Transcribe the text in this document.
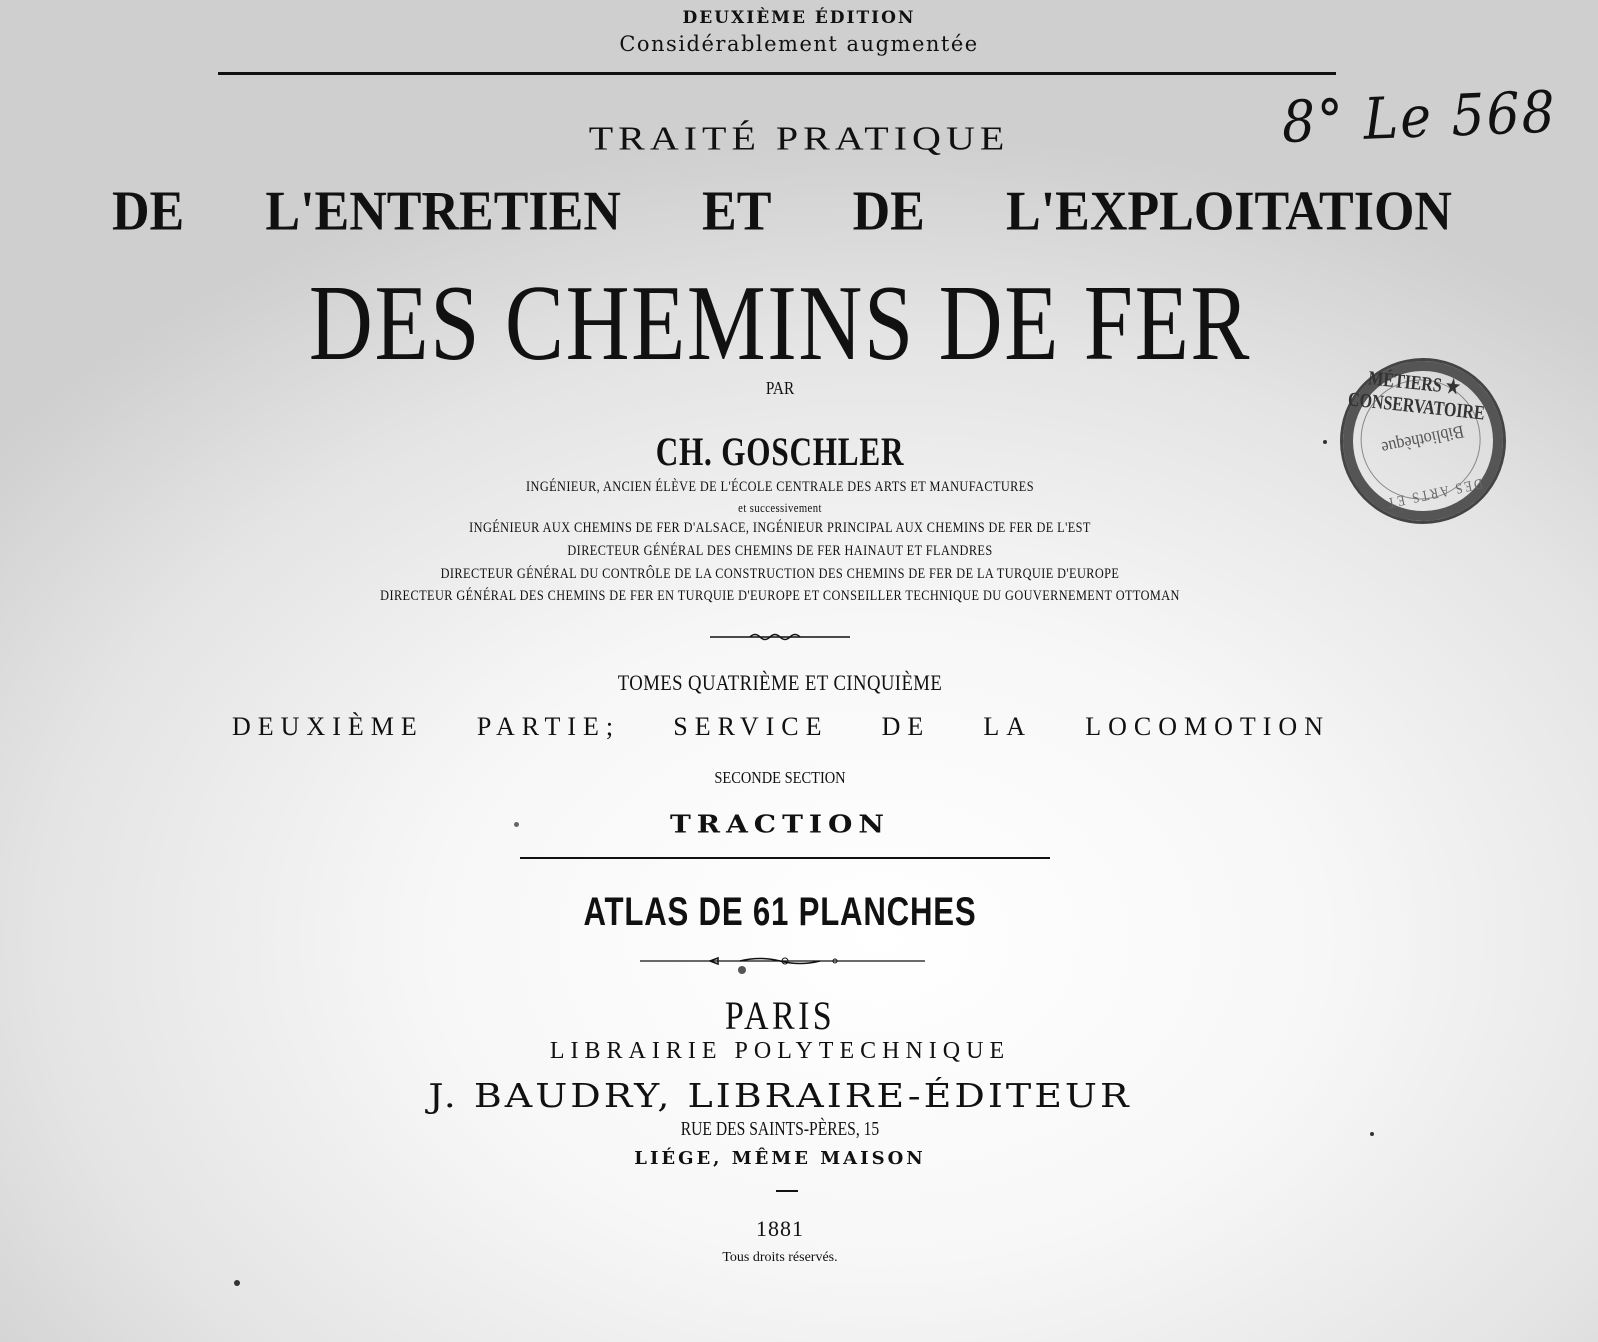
DEUXIÈME ÉDITION
Considérablement augmentée
8° Le 568
TRAITÉ PRATIQUE
DE L'ENTRETIEN ET DE L'EXPLOITATION
DES CHEMINS DE FER
MÉTIERS ★ CONSERVATOIRE
Bibliothèque
DES ARTS ET
PAR
CH. GOSCHLER
INGÉNIEUR, ANCIEN ÉLÈVE DE L'ÉCOLE CENTRALE DES ARTS ET MANUFACTURES
et successivement
INGÉNIEUR AUX CHEMINS DE FER D'ALSACE, INGÉNIEUR PRINCIPAL AUX CHEMINS DE FER DE L'EST
DIRECTEUR GÉNÉRAL DES CHEMINS DE FER HAINAUT ET FLANDRES
DIRECTEUR GÉNÉRAL DU CONTRÔLE DE LA CONSTRUCTION DES CHEMINS DE FER DE LA TURQUIE D'EUROPE
DIRECTEUR GÉNÉRAL DES CHEMINS DE FER EN TURQUIE D'EUROPE ET CONSEILLER TECHNIQUE DU GOUVERNEMENT OTTOMAN
TOMES QUATRIÈME ET CINQUIÈME
DEUXIÈME PARTIE; SERVICE DE LA LOCOMOTION
SECONDE SECTION
TRACTION
ATLAS DE 61 PLANCHES
PARIS
LIBRAIRIE POLYTECHNIQUE
J. BAUDRY, LIBRAIRE-ÉDITEUR
RUE DES SAINTS-PÈRES, 15
LIÉGE, MÊME MAISON
1881
Tous droits réservés.
